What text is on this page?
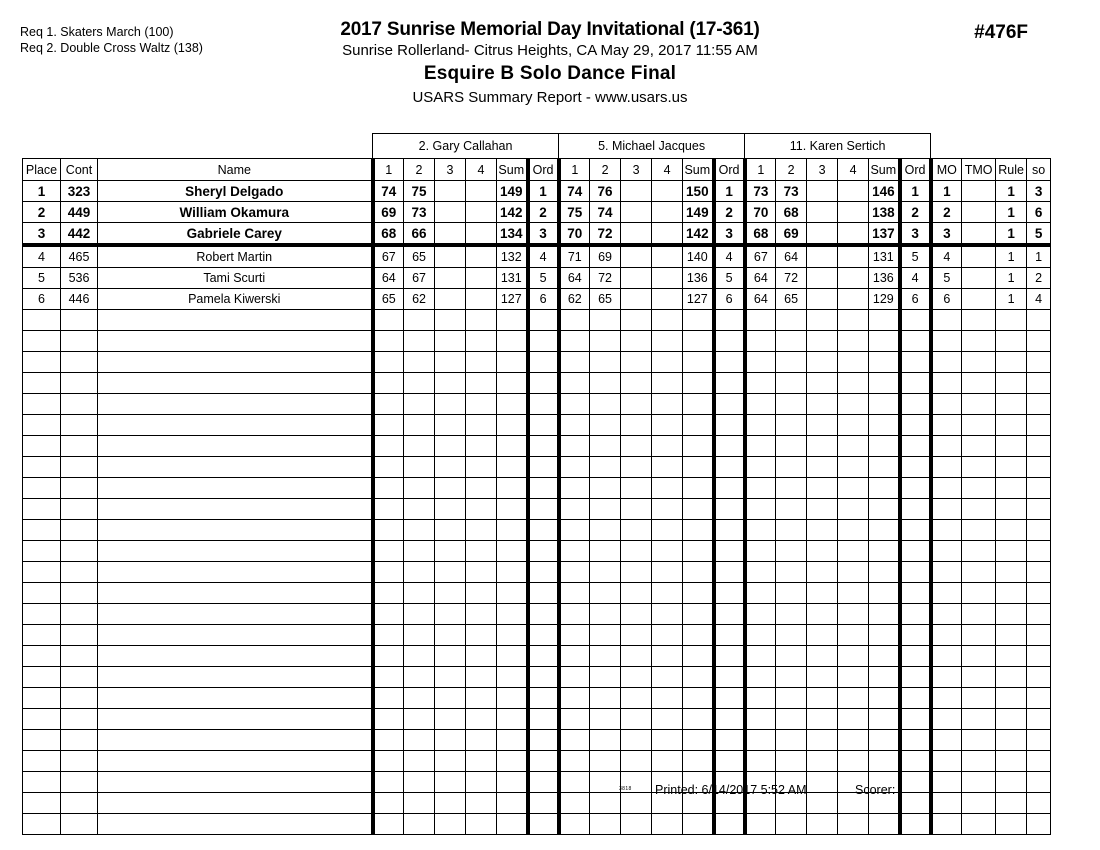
Req 1. Skaters March (100)
Req 2. Double Cross Waltz (138)
2017 Sunrise Memorial Day Invitational (17-361)
Sunrise Rollerland- Citrus Heights, CA May 29, 2017 11:55 AM
Esquire B Solo Dance Final
USARS Summary Report - www.usars.us
#476F
			2. Gary Callahan						5. Michael Jacques						11. Karen Sertich									
Place	Cont	Name	1	2	3	4	Sum	Ord	1	2	3	4	Sum	Ord	1	2	3	4	Sum	Ord	MO	TMO	Rule	so
1	323	Sheryl Delgado	74	75			149	1	74	76			150	1	73	73			146	1	1		1	3
2	449	William Okamura	69	73			142	2	75	74			149	2	70	68			138	2	2		1	6
3	442	Gabriele Carey	68	66			134	3	70	72			142	3	68	69			137	3	3		1	5
4	465	Robert Martin	67	65			132	4	71	69			140	4	67	64			131	5	4		1	1
5	536	Tami Scurti	64	67			131	5	64	72			136	5	64	72			136	4	5		1	2
6	446	Pamela Kiwerski	65	62			127	6	62	65			127	6	64	65			129	6	6		1	4

3818 Printed: 6/14/2017 5:52 AM	Scorer:
